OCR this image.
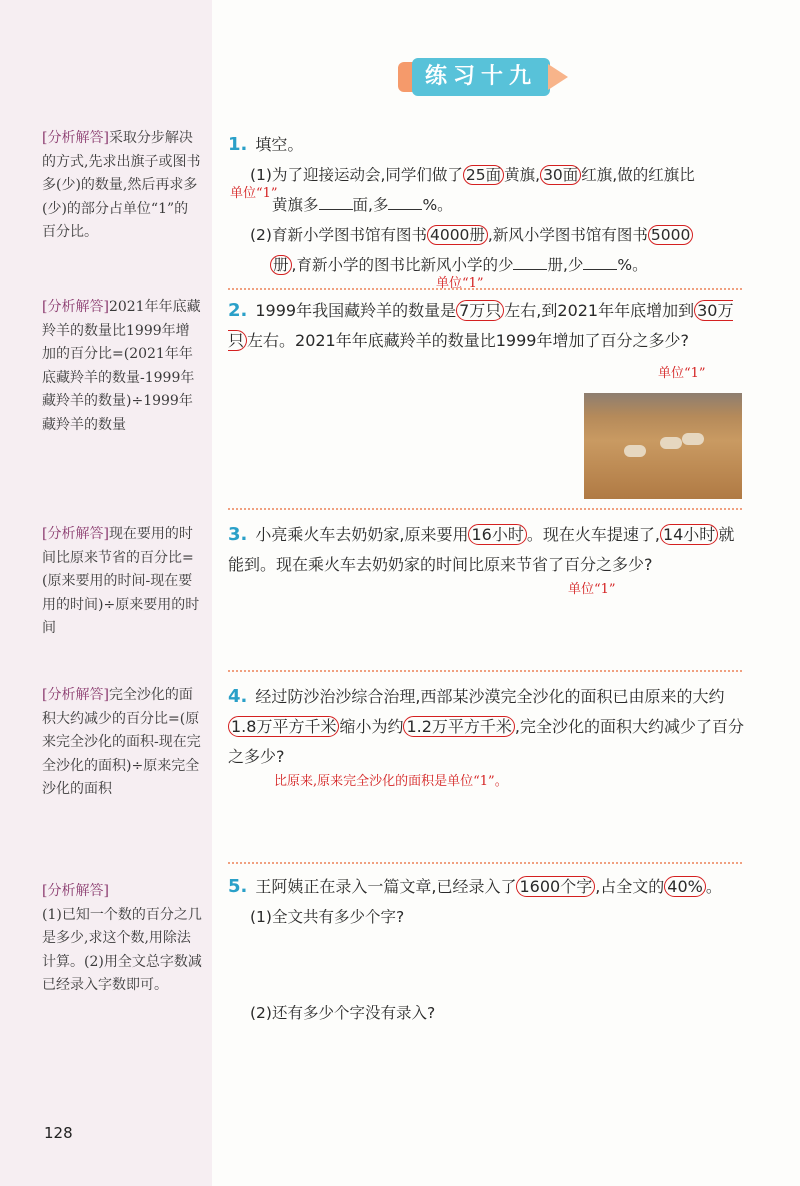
练习十九
[分析解答]采取分步解决的方式,先求出旗子或图书多(少)的数量,然后再求多(少)的部分占单位“1”的百分比。
[分析解答]2021年年底藏羚羊的数量比1999年增加的百分比=(2021年年底藏羚羊的数量-1999年藏羚羊的数量)÷1999年藏羚羊的数量
[分析解答]现在要用的时间比原来节省的百分比=(原来要用的时间-现在要用的时间)÷原来要用的时间
[分析解答]完全沙化的面积大约减少的百分比=(原来完全沙化的面积-现在完全沙化的面积)÷原来完全沙化的面积
[分析解答]
(1)已知一个数的百分之几是多少,求这个数,用除法计算。(2)用全文总字数减已经录入字数即可。
1. 填空。
(1)为了迎接运动会,同学们做了 25面 黄旗, 30面 红旗,做的红旗比
黄旗多 面,多 %。
单位“1”
(2)育新小学图书馆有图书 4000册 ,新风小学图书馆有图书 5000
册 ,育新小学的图书比新风小学的少 册,少 %。
单位“1”
2. 1999年我国藏羚羊的数量是 7万只 左右,到2021年年底增加到 30万只 左右。2021年年底藏羚羊的数量比1999年增加了百分之多少?
单位“1”
3. 小亮乘火车去奶奶家,原来要用 16小时 。现在火车提速了, 14小时 就能到。现在乘火车去奶奶家的时间比原来节省了百分之多少?
单位“1”
4. 经过防沙治沙综合治理,西部某沙漠完全沙化的面积已由原来的大约1.8万平方千米 缩小为约 1.2万平方千米 ,完全沙化的面积大约减少了百分之多少?
比原来,原来完全沙化的面积是单位“1”。
5. 王阿姨正在录入一篇文章,已经录入了 1600个字 ,占全文的 40% 。
(1)全文共有多少个字?
(2)还有多少个字没有录入?
128
